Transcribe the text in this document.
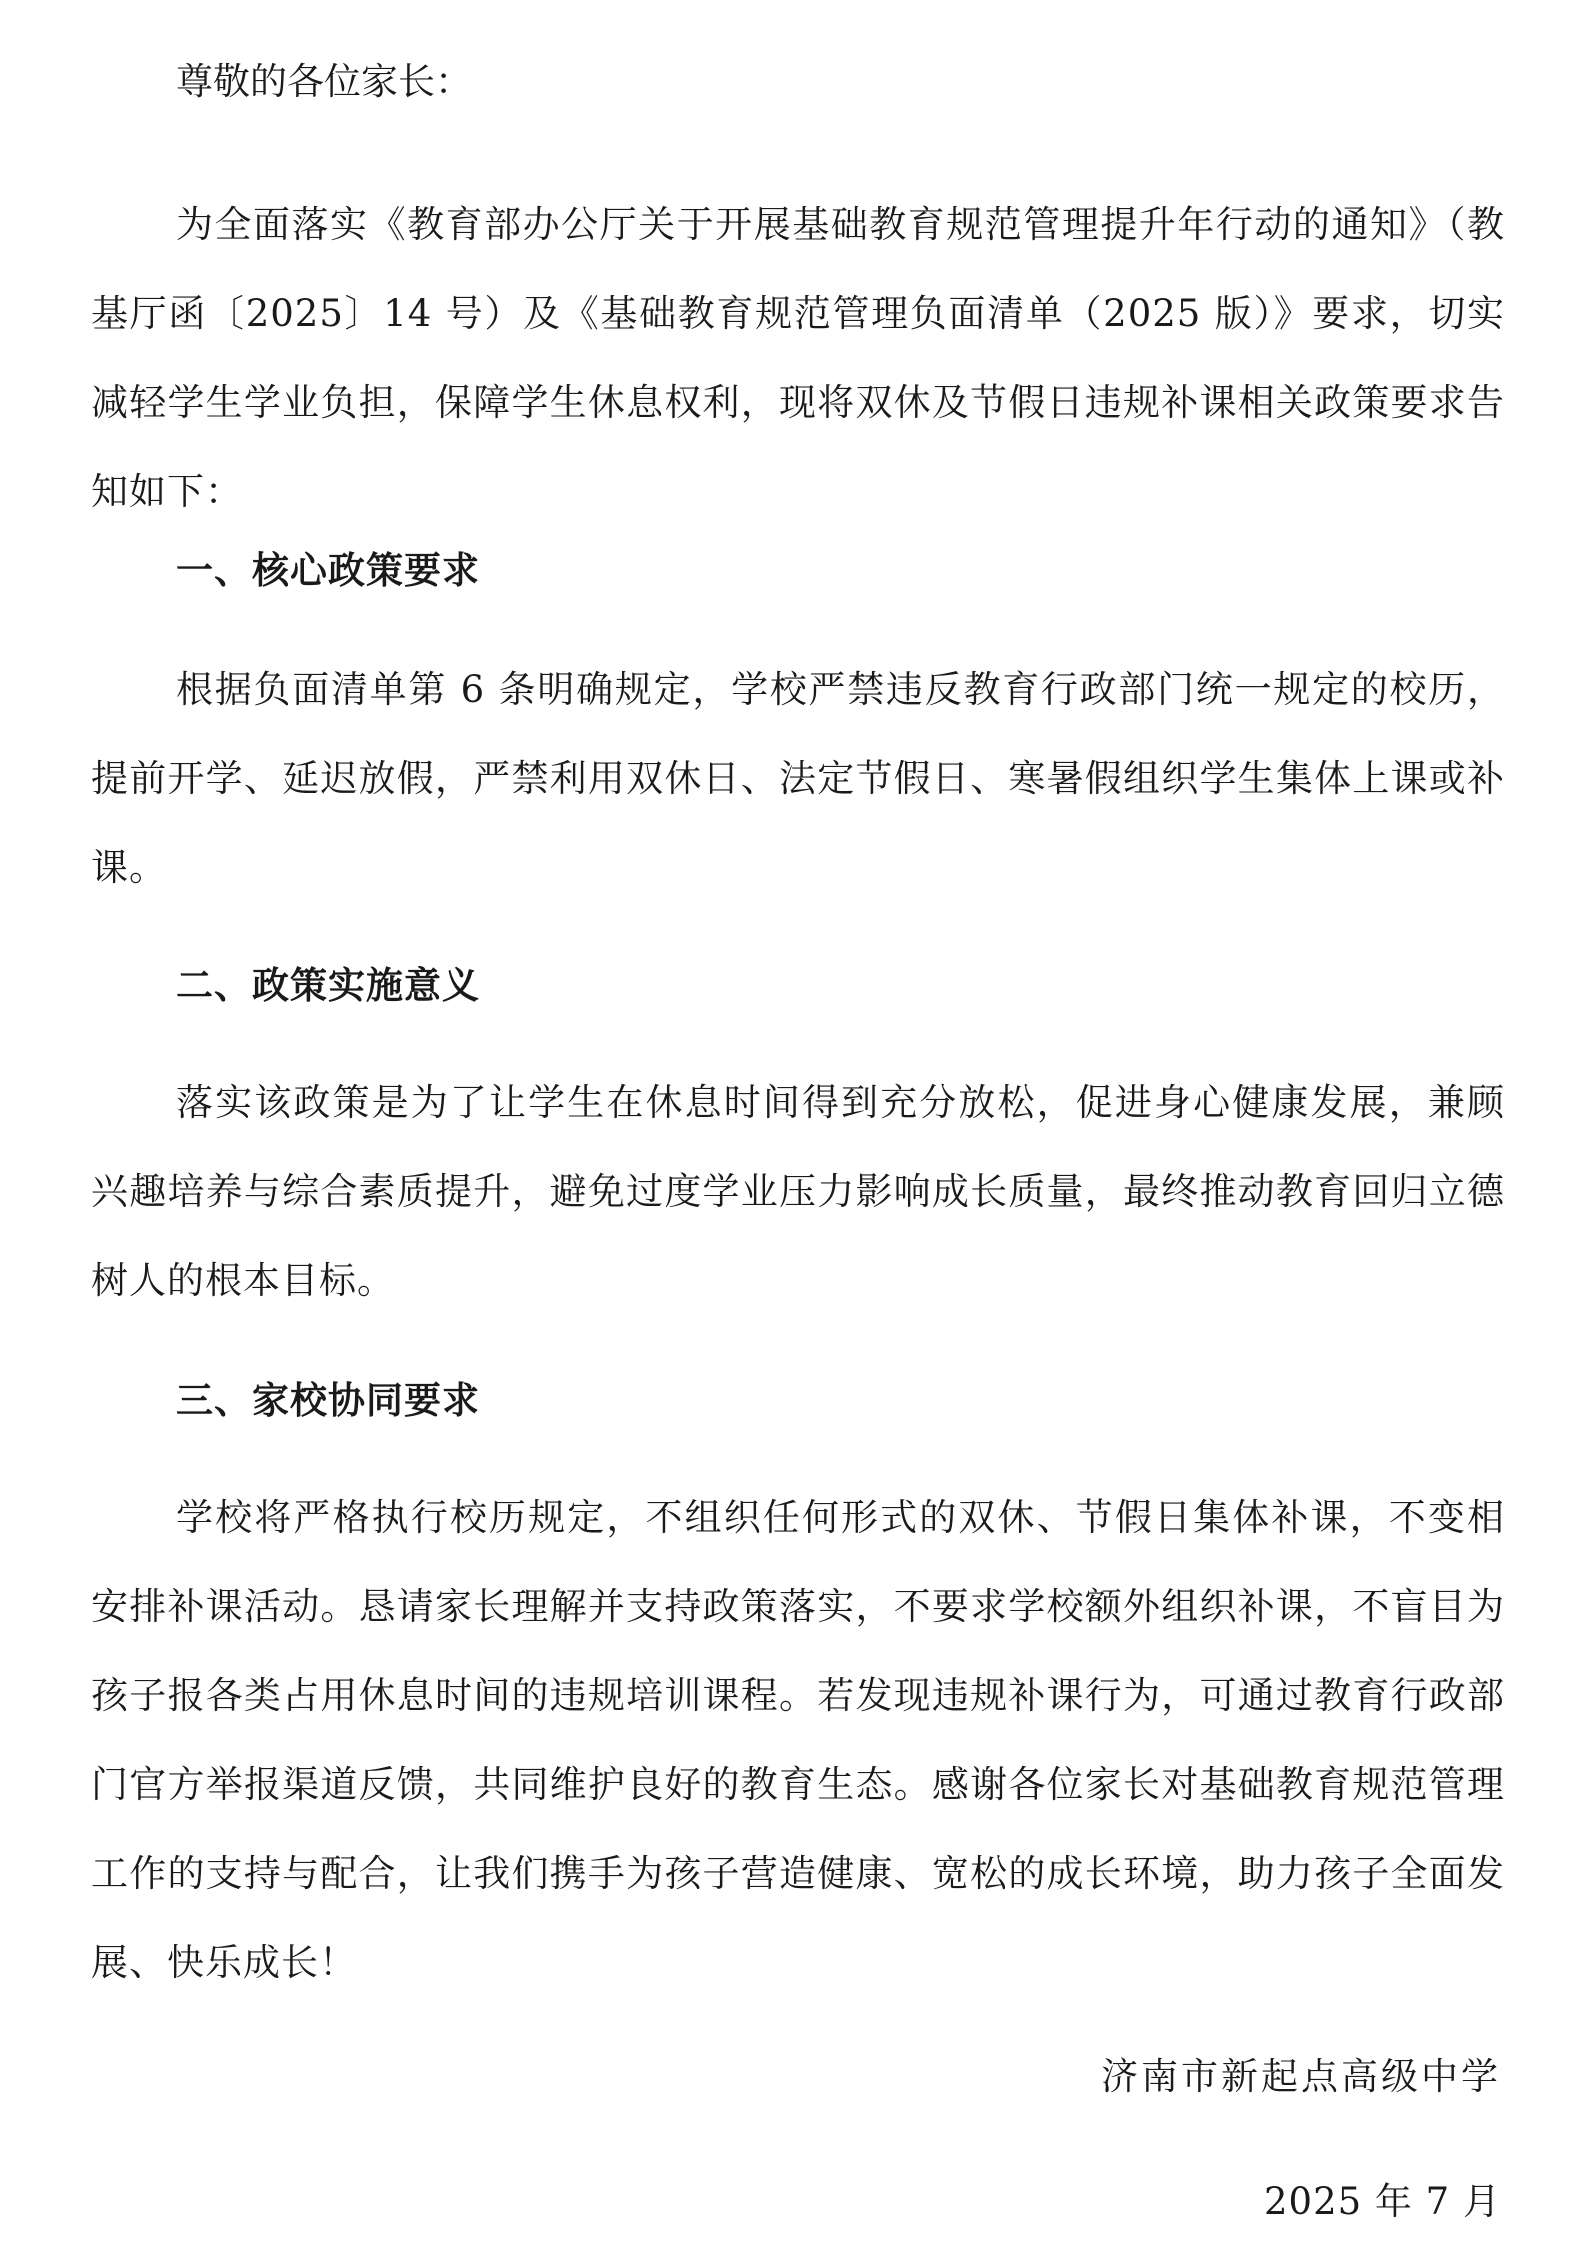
尊敬的各位家长：

为全面落实《教育部办公厅关于开展基础教育规范管理提升年行动的通知》（教基厅函〔2025〕14 号）及《基础教育规范管理负面清单（2025 版）》要求，切实减轻学生学业负担，保障学生休息权利，现将双休及节假日违规补课相关政策要求告知如下：

一、核心政策要求

根据负面清单第 6 条明确规定，学校严禁违反教育行政部门统一规定的校历，提前开学、延迟放假，严禁利用双休日、法定节假日、寒暑假组织学生集体上课或补课。

二、政策实施意义

落实该政策是为了让学生在休息时间得到充分放松，促进身心健康发展，兼顾兴趣培养与综合素质提升，避免过度学业压力影响成长质量，最终推动教育回归立德树人的根本目标。

三、家校协同要求

学校将严格执行校历规定，不组织任何形式的双休、节假日集体补课，不变相安排补课活动。恳请家长理解并支持政策落实，不要求学校额外组织补课，不盲目为孩子报各类占用休息时间的违规培训课程。若发现违规补课行为，可通过教育行政部门官方举报渠道反馈，共同维护良好的教育生态。感谢各位家长对基础教育规范管理工作的支持与配合，让我们携手为孩子营造健康、宽松的成长环境，助力孩子全面发展、快乐成长！

济南市新起点高级中学

2025 年 7 月
